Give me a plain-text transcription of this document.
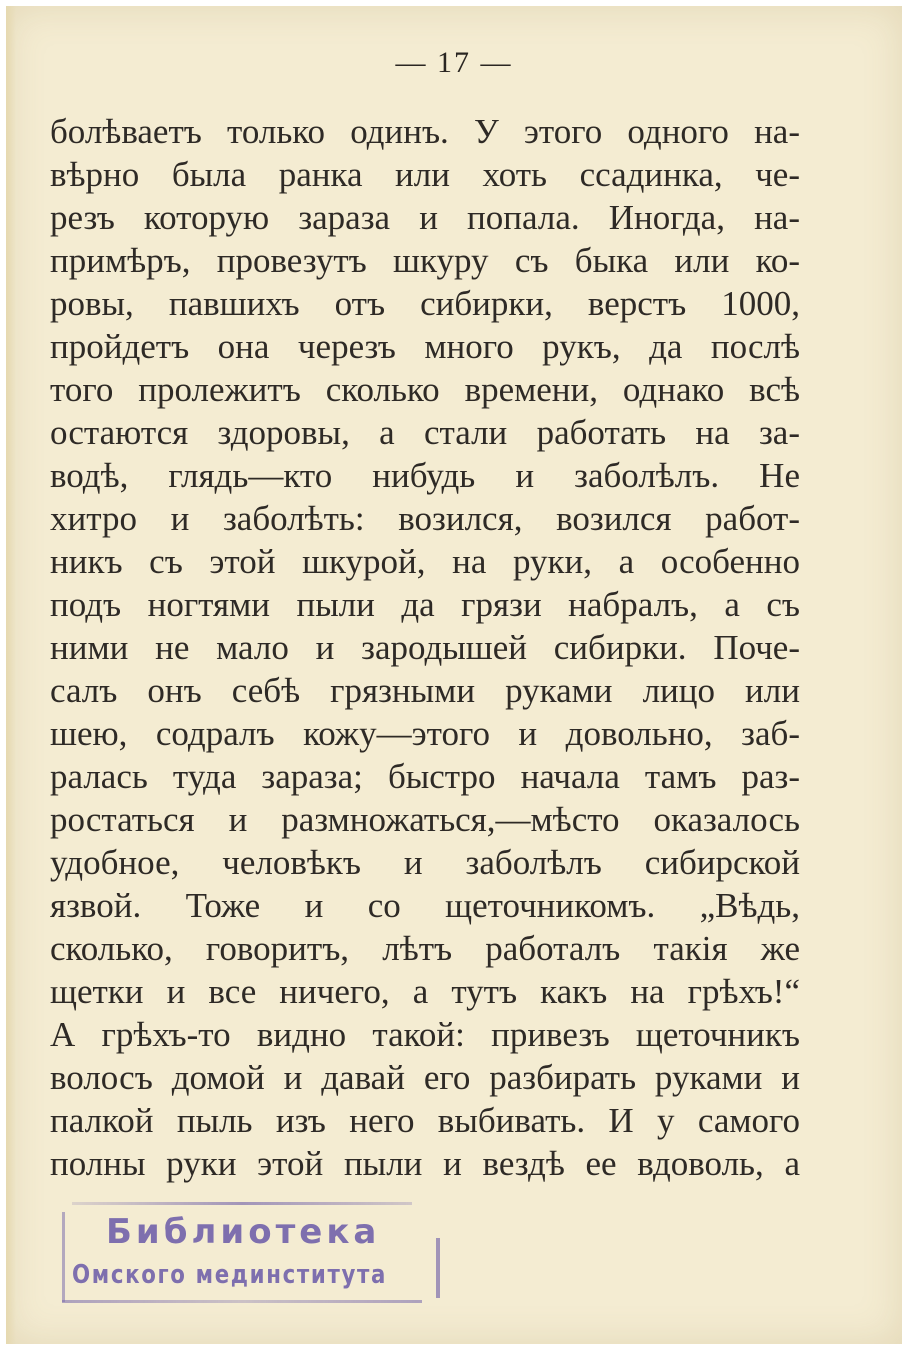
— 17 —
болѣваетъ только одинъ. У этого одного на-
вѣрно была ранка или хоть ссадинка, че-
резъ которую зараза и попала. Иногда, на-
примѣръ, провезутъ шкуру съ быка или ко-
ровы, павшихъ отъ сибирки, верстъ 1000,
пройдетъ она черезъ много рукъ, да послѣ
того пролежитъ сколько времени, однако всѣ
остаются здоровы, а стали работать на за-
водѣ, глядь—кто нибудь и заболѣлъ. Не
хитро и заболѣть: возился, возился работ-
никъ съ этой шкурой, на руки, а особенно
подъ ногтями пыли да грязи набралъ, а съ
ними не мало и зародышей сибирки. Поче-
салъ онъ себѣ грязными руками лицо или
шею, содралъ кожу—этого и довольно, заб-
ралась туда зараза; быстро начала тамъ раз-
ростаться и размножаться,—мѣсто оказалось
удобное, человѣкъ и заболѣлъ сибирской
язвой. Тоже и со щеточникомъ. „Вѣдь,
сколько, говоритъ, лѣтъ работалъ такія же
щетки и все ничего, а тутъ какъ на грѣхъ!“
А грѣхъ-то видно такой: привезъ щеточникъ
волосъ домой и давай его разбирать руками и
палкой пыль изъ него выбивать. И у самого
полны руки этой пыли и вездѣ ее вдоволь, а
Библиотека
Омского мединститута
